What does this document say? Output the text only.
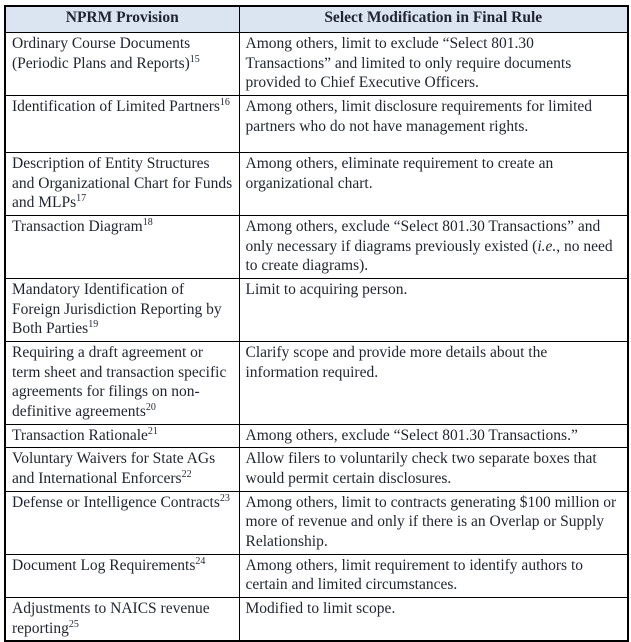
NPRM Provision	Select Modification in Final Rule
Ordinary Course Documents (Periodic Plans and Reports)$^{15}$	Among others, limit to exclude “Select 801.30 Transactions” and limited to only require documents provided to Chief Executive Officers.
Identification of Limited Partners$^{16}$	Among others, limit disclosure requirements for limited partners who do not have management rights.
Description of Entity Structures and Organizational Chart for Funds and MLPs$^{17}$	Among others, eliminate requirement to create an organizational chart.
Transaction Diagram$^{18}$	Among others, exclude “Select 801.30 Transactions” and only necessary if diagrams previously existed (i.e., no need to create diagrams).
Mandatory Identification of Foreign Jurisdiction Reporting by Both Parties$^{19}$	Limit to acquiring person.
Requiring a draft agreement or term sheet and transaction specific agreements for filings on non-definitive agreements$^{20}$	Clarify scope and provide more details about the information required.
Transaction Rationale$^{21}$	Among others, exclude “Select 801.30 Transactions.”
Voluntary Waivers for State AGs and International Enforcers$^{22}$	Allow filers to voluntarily check two separate boxes that would permit certain disclosures.
Defense or Intelligence Contracts$^{23}$	Among others, limit to contracts generating $100 million or more of revenue and only if there is an Overlap or Supply Relationship.
Document Log Requirements$^{24}$	Among others, limit requirement to identify authors to certain and limited circumstances.
Adjustments to NAICS revenue reporting$^{25}$	Modified to limit scope.
